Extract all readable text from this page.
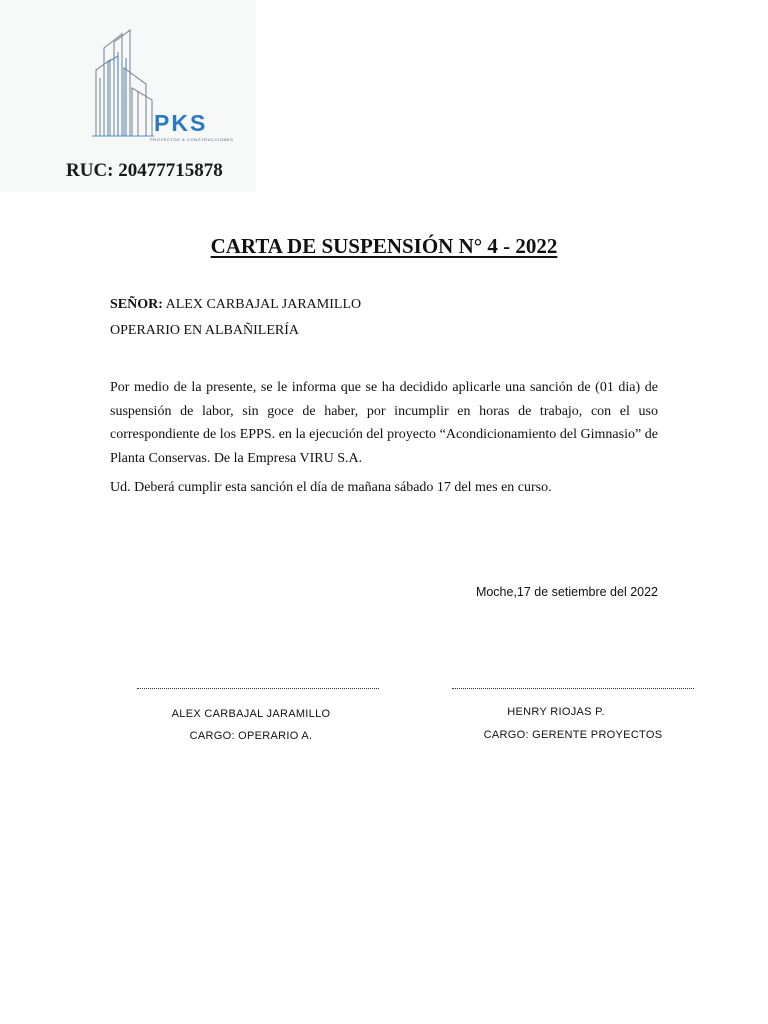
PKS
PROYECTOS & CONSTRUCCIONES
RUC: 20477715878
CARTA DE SUSPENSIÓN N° 4 - 2022
SEÑOR: ALEX CARBAJAL JARAMILLO
OPERARIO EN ALBAÑILERÍA
Por medio de la presente, se le informa que se ha decidido aplicarle una sanción de (01 dia) de suspensión de labor, sin goce de haber, por incumplir en horas de trabajo, con el uso correspondiente de los EPPS. en la ejecución del proyecto “Acondicionamiento del Gimnasio” de Planta Conservas. De la Empresa VIRU S.A.
Ud. Deberá cumplir esta sanción el día de mañana sábado 17 del mes en curso.
Moche,17 de setiembre del 2022
ALEX CARBAJAL JARAMILLO
CARGO: OPERARIO A.
HENRY RIOJAS P.
CARGO: GERENTE PROYECTOS
